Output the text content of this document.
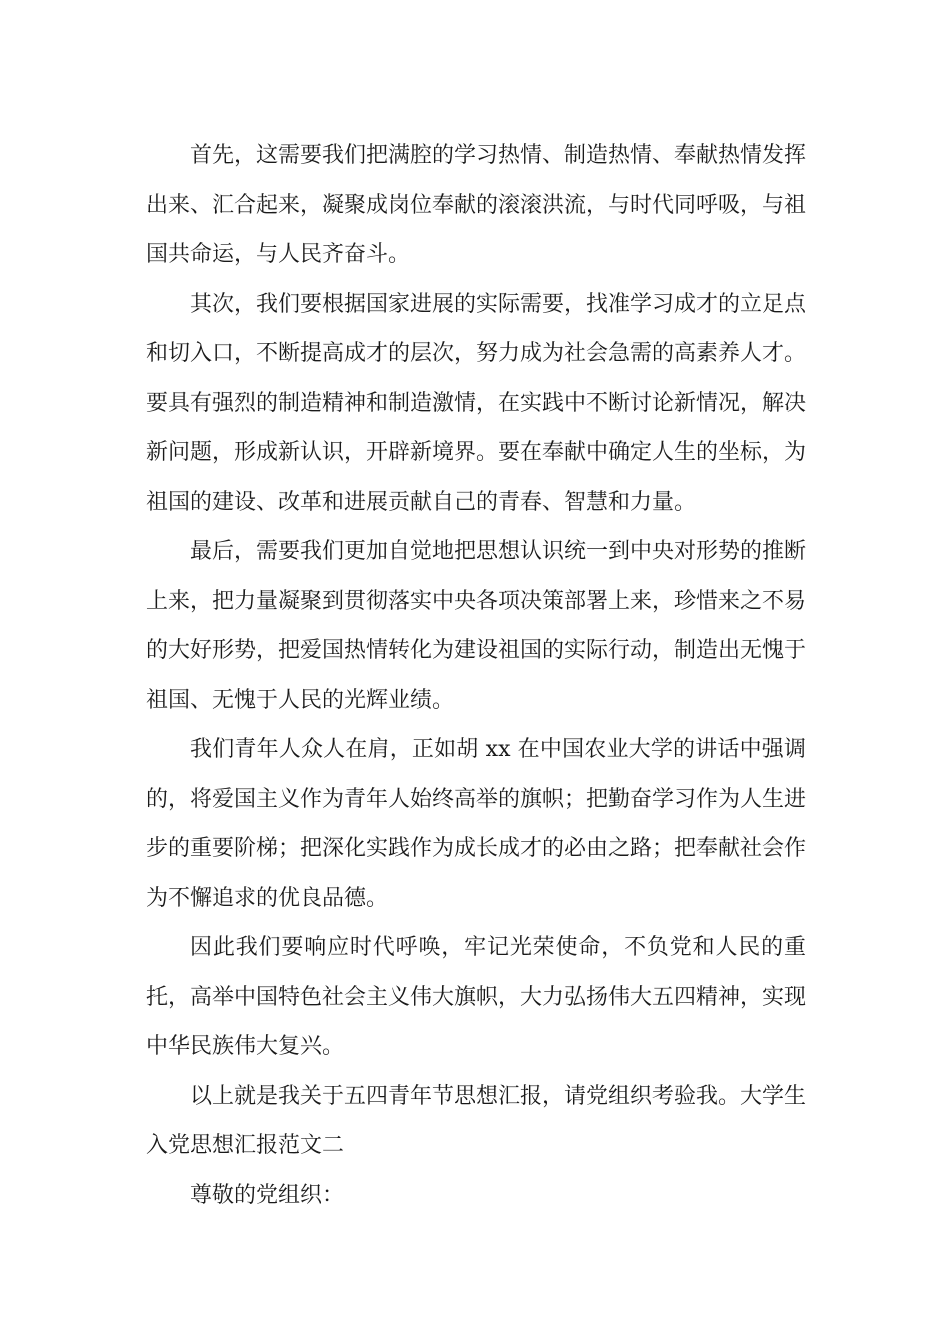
首先，这需要我们把满腔的学习热情、制造热情、奉献热情发挥出来、汇合起来，凝聚成岗位奉献的滚滚洪流，与时代同呼吸，与祖国共命运，与人民齐奋斗。

其次，我们要根据国家进展的实际需要，找准学习成才的立足点和切入口，不断提高成才的层次，努力成为社会急需的高素养人才。要具有强烈的制造精神和制造激情，在实践中不断讨论新情况，解决新问题，形成新认识，开辟新境界。要在奉献中确定人生的坐标，为祖国的建设、改革和进展贡献自己的青春、智慧和力量。

最后，需要我们更加自觉地把思想认识统一到中央对形势的推断上来，把力量凝聚到贯彻落实中央各项决策部署上来，珍惜来之不易的大好形势，把爱国热情转化为建设祖国的实际行动，制造出无愧于祖国、无愧于人民的光辉业绩。

我们青年人众人在肩，正如胡 xx 在中国农业大学的讲话中强调的，将爱国主义作为青年人始终高举的旗帜；把勤奋学习作为人生进步的重要阶梯；把深化实践作为成长成才的必由之路；把奉献社会作为不懈追求的优良品德。

因此我们要响应时代呼唤，牢记光荣使命，不负党和人民的重托，高举中国特色社会主义伟大旗帜，大力弘扬伟大五四精神，实现中华民族伟大复兴。

以上就是我关于五四青年节思想汇报，请党组织考验我。大学生入党思想汇报范文二

尊敬的党组织：
